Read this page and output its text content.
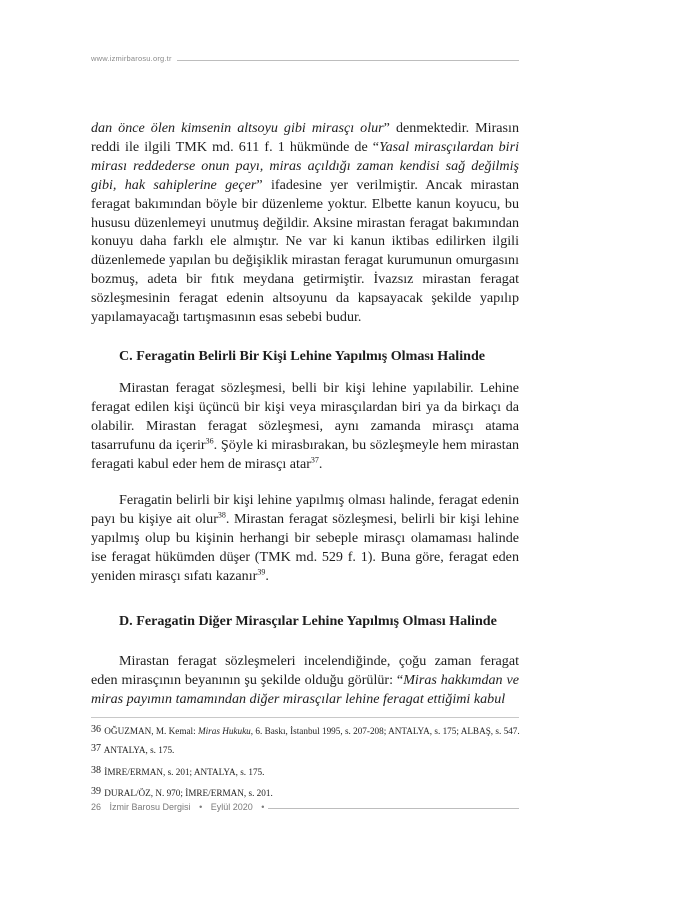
www.izmirbarosu.org.tr

dan önce ölen kimsenin altsoyu gibi mirasçı olur” denmektedir. Mirasın reddi ile ilgili TMK md. 611 f. 1 hükmünde de “Yasal mirasçılardan biri mirası reddederse onun payı, miras açıldığı zaman kendisi sağ değilmiş gibi, hak sahiplerine geçer” ifadesine yer verilmiştir. Ancak mirastan feragat bakımından böyle bir düzenleme yoktur. Elbette kanun koyucu, bu hususu düzenlemeyi unutmuş değildir. Aksine mirastan feragat bakımından konuyu daha farklı ele almıştır. Ne var ki kanun iktibas edilirken ilgili düzenlemede yapılan bu değişiklik mirastan feragat kurumunun omurgasını bozmuş, adeta bir fıtık meydana getirmiştir. İvazsız mirastan feragat sözleşmesinin feragat edenin altsoyunu da kapsayacak şekilde yapılıp yapılamayacağı tartışmasının esas sebebi budur.

C. Feragatin Belirli Bir Kişi Lehine Yapılmış Olması Halinde

Mirastan feragat sözleşmesi, belli bir kişi lehine yapılabilir. Lehine feragat edilen kişi üçüncü bir kişi veya mirasçılardan biri ya da birkaçı da olabilir. Mirastan feragat sözleşmesi, aynı zamanda mirasçı atama tasarrufunu da içerir$^{36}$. Şöyle ki mirasbırakan, bu sözleşmeyle hem mirastan feragati kabul eder hem de mirasçı atar$^{37}$.

Feragatin belirli bir kişi lehine yapılmış olması halinde, feragat edenin payı bu kişiye ait olur$^{38}$. Mirastan feragat sözleşmesi, belirli bir kişi lehine yapılmış olup bu kişinin herhangi bir sebeple mirasçı olamaması halinde ise feragat hükümden düşer (TMK md. 529 f. 1). Buna göre, feragat eden yeniden mirasçı sıfatı kazanır$^{39}$.

D. Feragatin Diğer Mirasçılar Lehine Yapılmış Olması Halinde

Mirastan feragat sözleşmeleri incelendiğinde, çoğu zaman feragat eden mirasçının beyanının şu şekilde olduğu görülür: “Miras hakkımdan ve miras payımın tamamından diğer mirasçılar lehine feragat ettiğimi kabul

36 OĞUZMAN, M. Kemal: Miras Hukuku, 6. Baskı, İstanbul 1995, s. 207-208; ANTALYA, s. 175; ALBAŞ, s. 547.
37 ANTALYA, s. 175.
38 İMRE/ERMAN, s. 201; ANTALYA, s. 175.
39 DURAL/ÖZ, N. 970; İMRE/ERMAN, s. 201.
26 İzmir Barosu Dergisi • Eylül 2020 •
